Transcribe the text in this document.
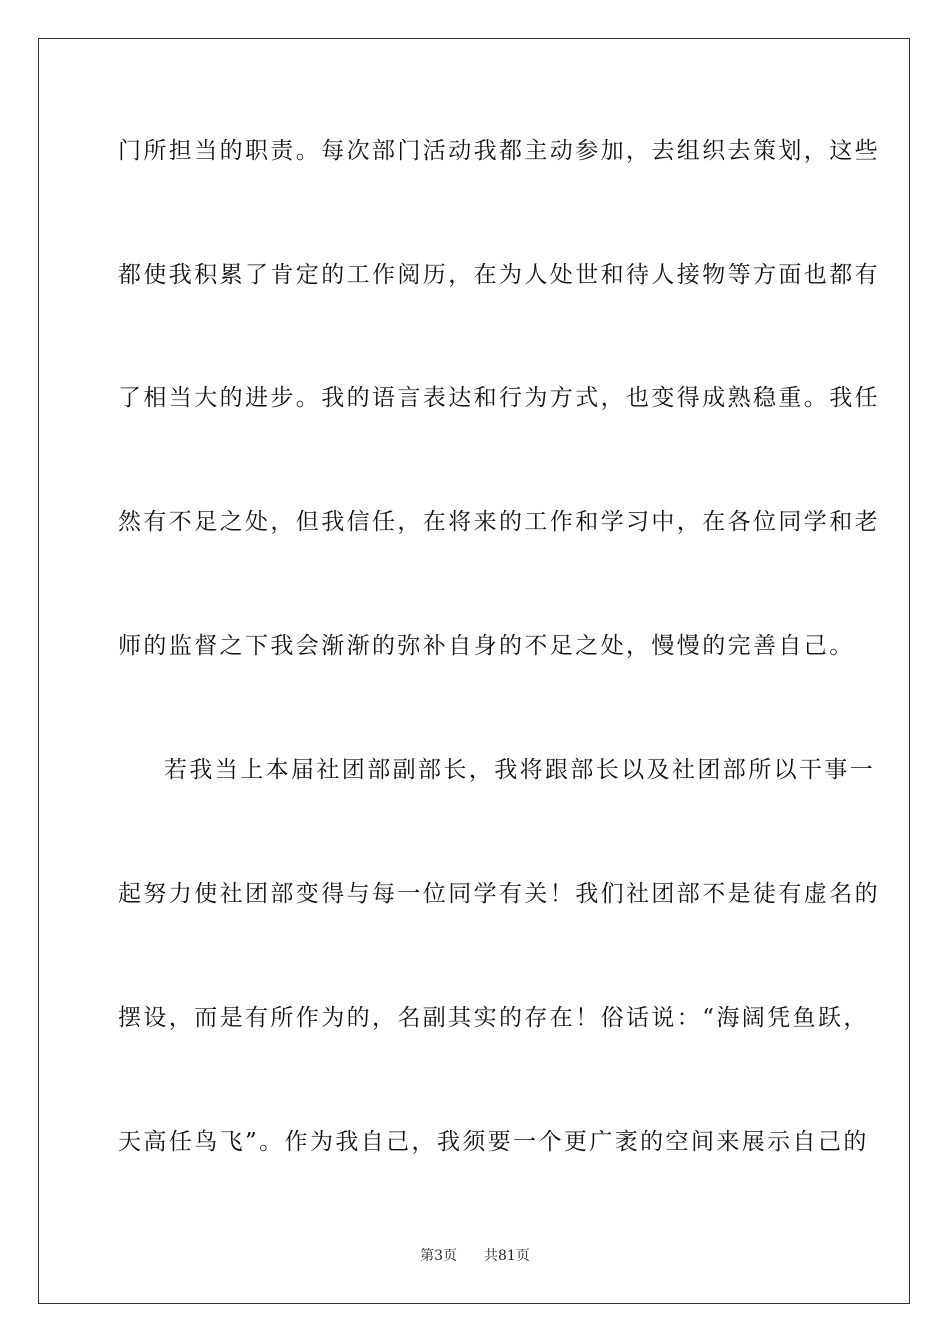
门所担当的职责。每次部门活动我都主动参加，去组织去策划，这些
都使我积累了肯定的工作阅历，在为人处世和待人接物等方面也都有
了相当大的进步。我的语言表达和行为方式，也变得成熟稳重。我任
然有不足之处，但我信任，在将来的工作和学习中，在各位同学和老
师的监督之下我会渐渐的弥补自身的不足之处，慢慢的完善自己。
若我当上本届社团部副部长，我将跟部长以及社团部所以干事一
起努力使社团部变得与每一位同学有关！我们社团部不是徒有虚名的
摆设，而是有所作为的，名副其实的存在！俗话说：“海阔凭鱼跃，
天高任鸟飞”。作为我自己，我须要一个更广袤的空间来展示自己的
第3页 共81页
